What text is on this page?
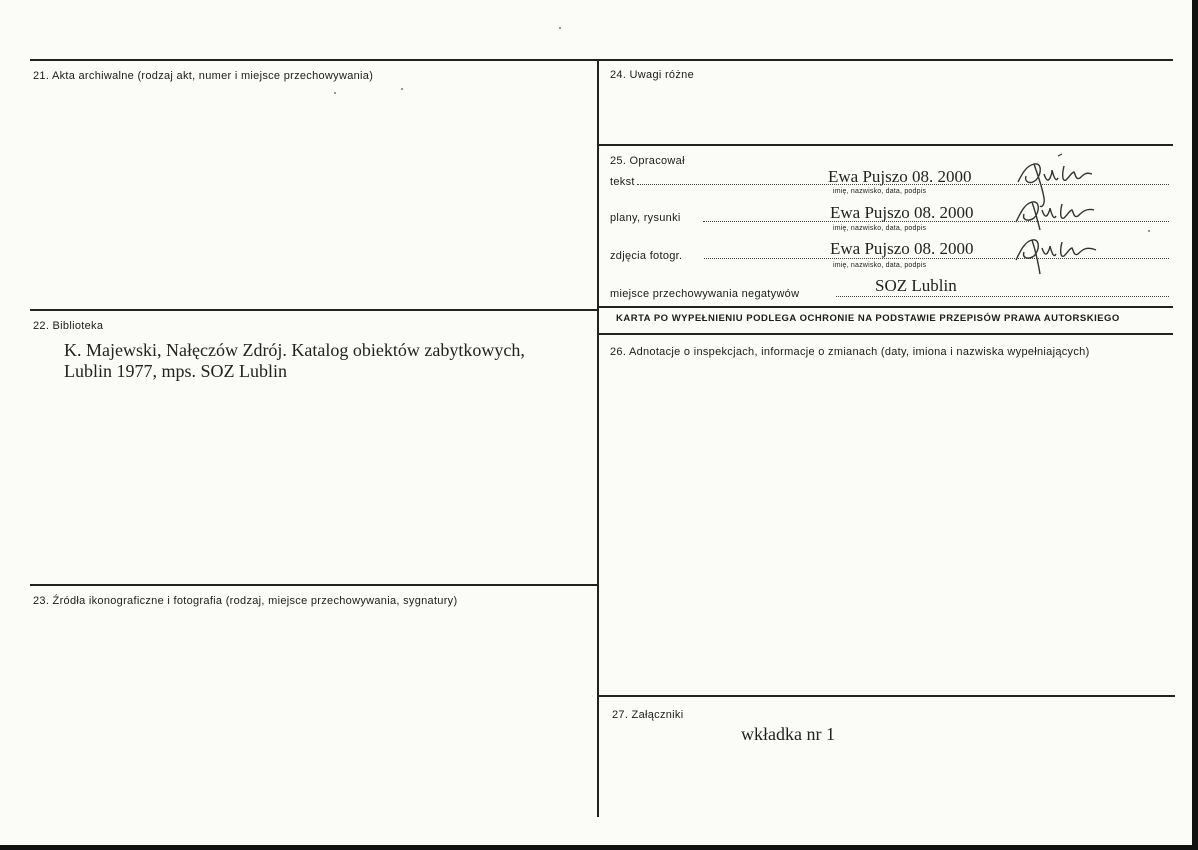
21. Akta archiwalne (rodzaj akt, numer i miejsce przechowywania)
22. Biblioteka
K. Majewski, Nałęczów Zdrój. Katalog obiektów zabytkowych,
Lublin 1977, mps. SOZ Lublin
23. Źródła ikonograficzne i fotografia (rodzaj, miejsce przechowywania, sygnatury)
24. Uwagi różne
25. Opracował
tekst	Ewa Pujszo 08. 2000
imię, nazwisko, data, podpis
plany, rysunki	Ewa Pujszo 08. 2000
imię, nazwisko, data, podpis
zdjęcia fotogr.	Ewa Pujszo 08. 2000
imię, nazwisko, data, podpis
miejsce przechowywania negatywów	SOZ Lublin
KARTA PO WYPEŁNIENIU PODLEGA OCHRONIE NA PODSTAWIE PRZEPISÓW PRAWA AUTORSKIEGO
26. Adnotacje o inspekcjach, informacje o zmianach (daty, imiona i nazwiska wypełniających)
27. Załączniki
wkładka nr 1
